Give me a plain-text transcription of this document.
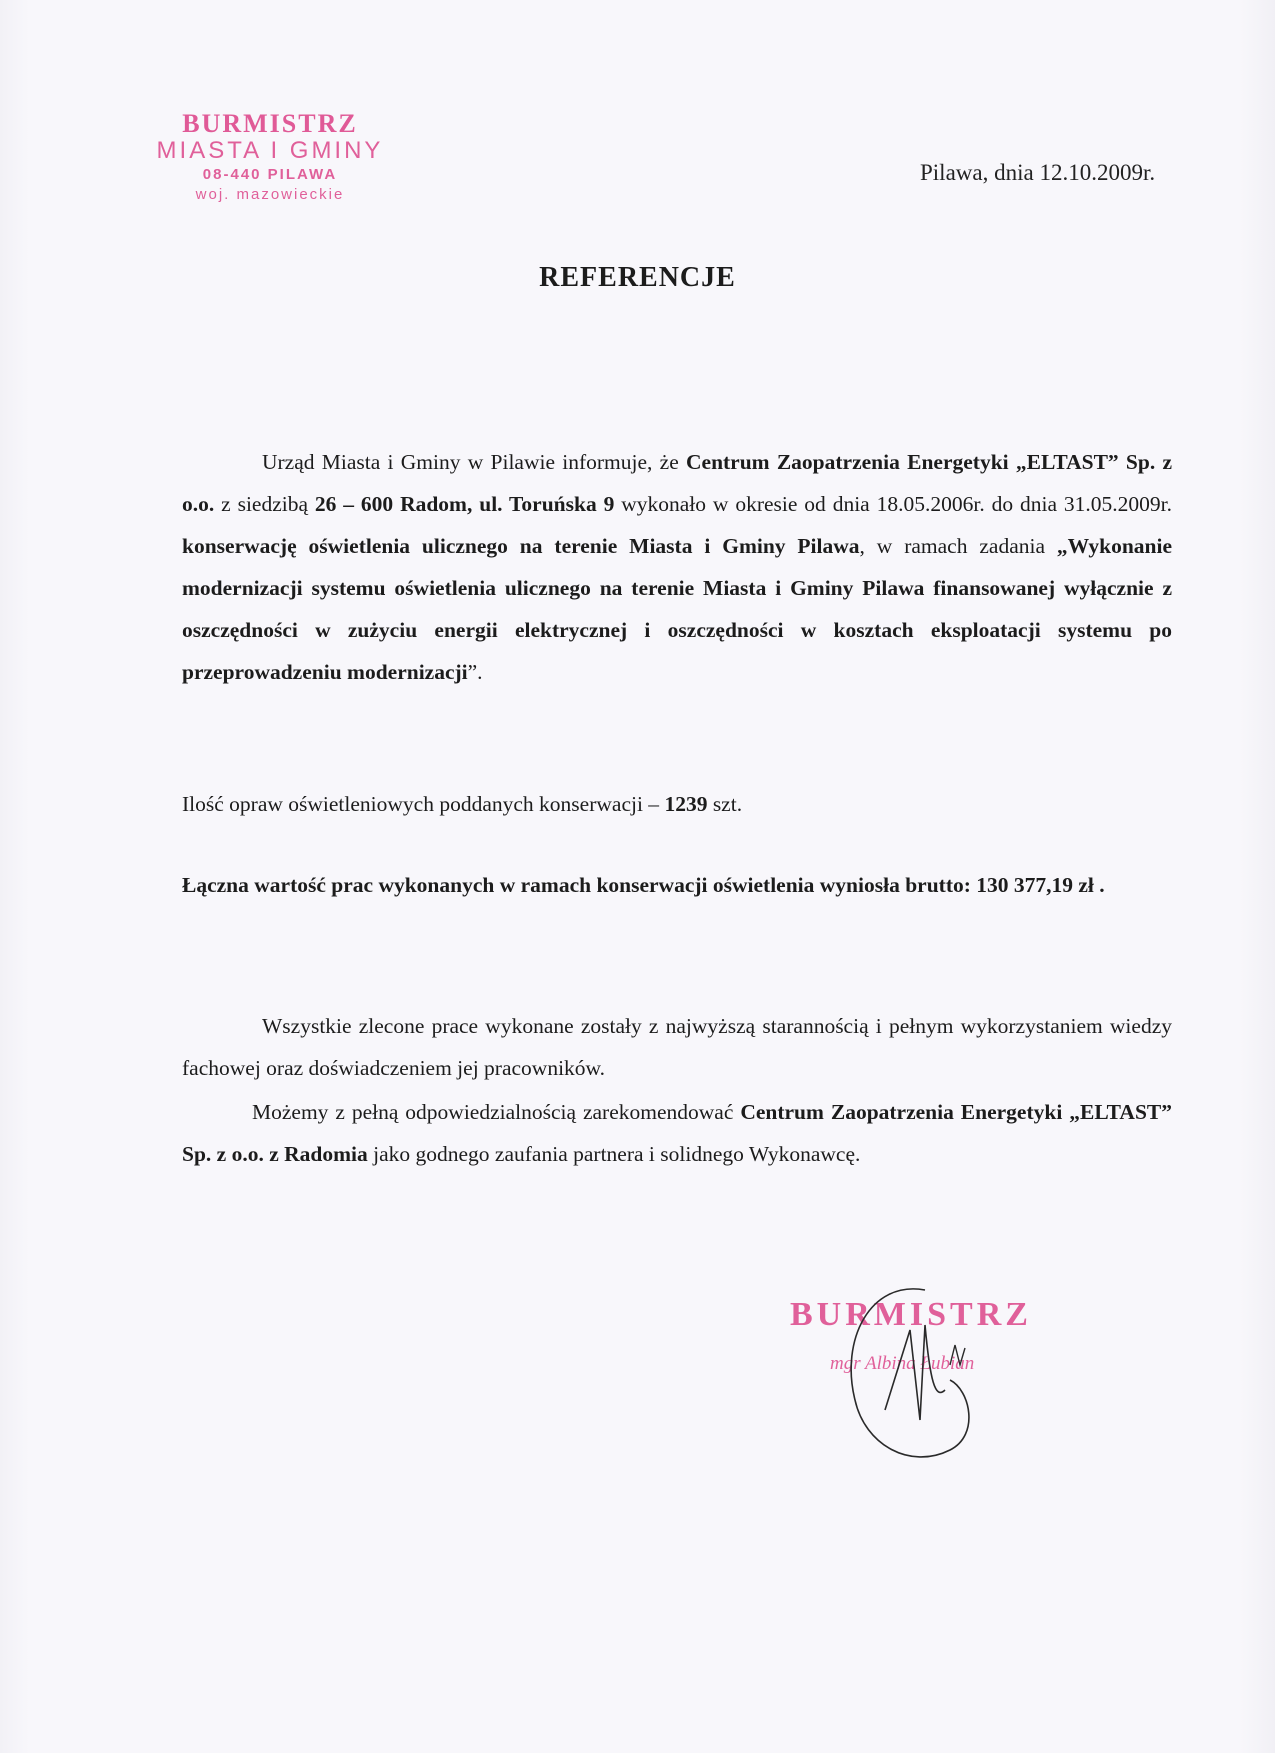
BURMISTRZ
MIASTA I GMINY
08-440 PILAWA
woj. mazowieckie
Pilawa, dnia 12.10.2009r.
REFERENCJE
Urząd Miasta i Gminy w Pilawie informuje, że Centrum Zaopatrzenia Energetyki „ELTAST” Sp. z o.o. z siedzibą 26 – 600 Radom, ul. Toruńska 9 wykonało w okresie od dnia 18.05.2006r. do dnia 31.05.2009r. konserwację oświetlenia ulicznego na terenie Miasta i Gminy Pilawa, w ramach zadania „Wykonanie modernizacji systemu oświetlenia ulicznego na terenie Miasta i Gminy Pilawa finansowanej wyłącznie z oszczędności w zużyciu energii elektrycznej i oszczędności w kosztach eksploatacji systemu po przeprowadzeniu modernizacji”.
Ilość opraw oświetleniowych poddanych konserwacji – 1239 szt.
Łączna wartość prac wykonanych w ramach konserwacji oświetlenia wyniosła brutto: 130 377,19 zł .
Wszystkie zlecone prace wykonane zostały z najwyższą starannością i pełnym wykorzystaniem wiedzy fachowej oraz doświadczeniem jej pracowników.
Możemy z pełną odpowiedzialnością zarekomendować Centrum Zaopatrzenia Energetyki „ELTAST” Sp. z o.o. z Radomia jako godnego zaufania partnera i solidnego Wykonawcę.
BURMISTRZ
mgr Albina Łubian
